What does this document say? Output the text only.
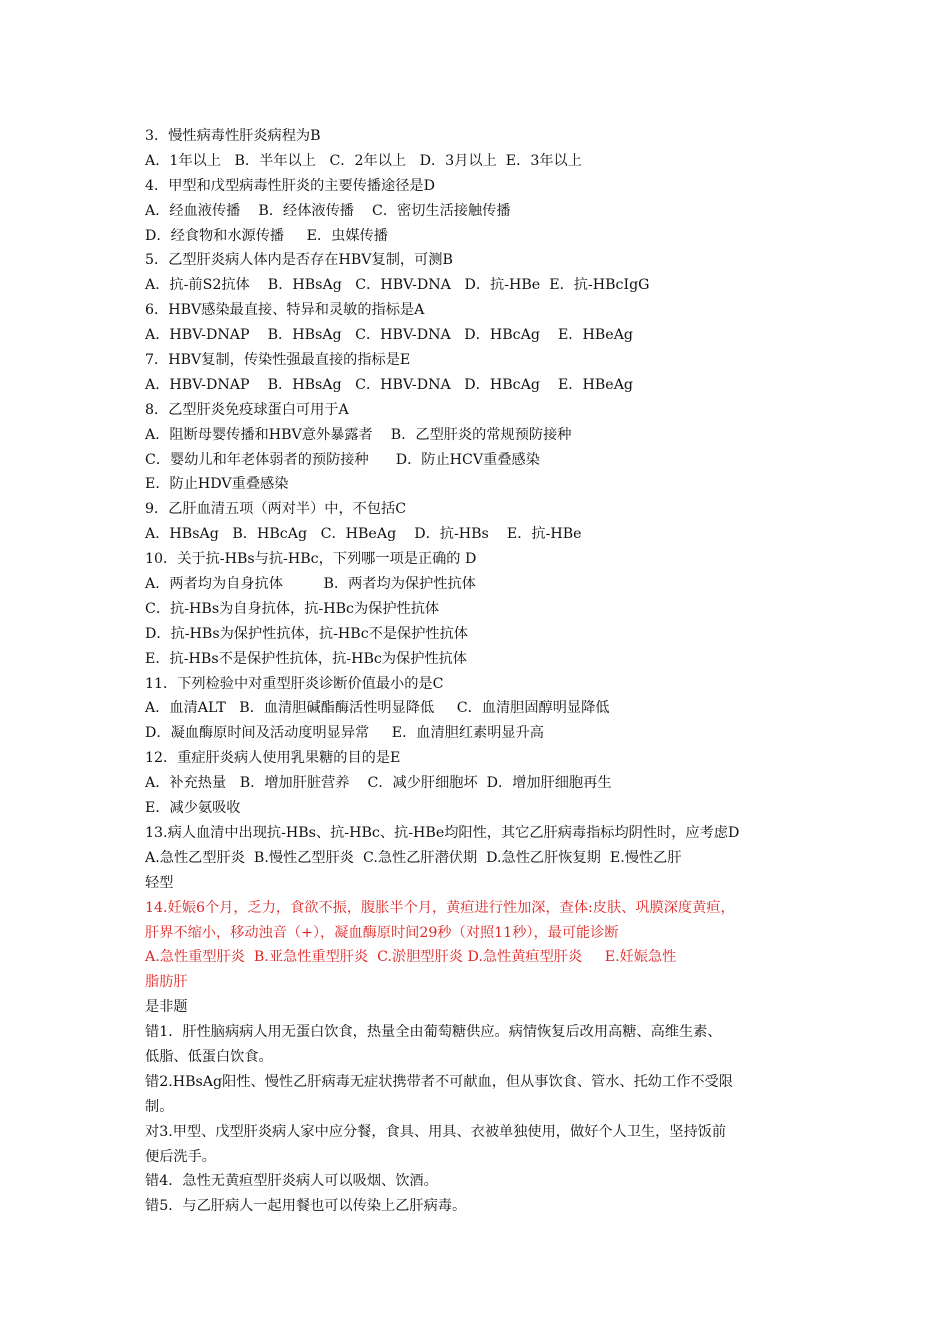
3．慢性病毒性肝炎病程为B
A．1年以上   B．半年以上   C．2年以上   D．3月以上  E．3年以上
4．甲型和戊型病毒性肝炎的主要传播途径是D
A．经血液传播    B．经体液传播    C．密切生活接触传播
D．经食物和水源传播     E．虫媒传播
5．乙型肝炎病人体内是否存在HBV复制，可测B
A．抗-前S2抗体    B．HBsAg   C．HBV-DNA   D．抗-HBe  E．抗-HBcIgG
6．HBV感染最直接、特异和灵敏的指标是A
A．HBV-DNAP    B．HBsAg   C．HBV-DNA   D．HBcAg    E．HBeAg
7．HBV复制，传染性强最直接的指标是E
A．HBV-DNAP    B．HBsAg   C．HBV-DNA   D．HBcAg    E．HBeAg
8．乙型肝炎免疫球蛋白可用于A
A．阻断母婴传播和HBV意外暴露者    B．乙型肝炎的常规预防接种
C．婴幼儿和年老体弱者的预防接种      D．防止HCV重叠感染
E．防止HDV重叠感染
9．乙肝血清五项（两对半）中，不包括C
A．HBsAg   B．HBcAg   C．HBeAg    D．抗-HBs    E．抗-HBe
10．关于抗-HBs与抗-HBc，下列哪一项是正确的 D
A．两者均为自身抗体         B．两者均为保护性抗体
C．抗-HBs为自身抗体，抗-HBc为保护性抗体
D．抗-HBs为保护性抗体，抗-HBc不是保护性抗体
E．抗-HBs不是保护性抗体，抗-HBc为保护性抗体
11．下列检验中对重型肝炎诊断价值最小的是C
A．血清ALT   B．血清胆碱酯酶活性明显降低     C．血清胆固醇明显降低
D．凝血酶原时间及活动度明显异常     E．血清胆红素明显升高
12．重症肝炎病人使用乳果糖的目的是E
A．补充热量   B．增加肝脏营养    C．减少肝细胞坏  D．增加肝细胞再生
E．减少氨吸收
13.病人血清中出现抗-HBs、抗-HBc、抗-HBe均阳性，其它乙肝病毒指标均阴性时，应考虑D
A.急性乙型肝炎  B.慢性乙型肝炎  C.急性乙肝潜伏期  D.急性乙肝恢复期  E.慢性乙肝
轻型
14.妊娠6个月，乏力，食欲不振，腹胀半个月，黄疸进行性加深，查体:皮肤、巩膜深度黄疸，
肝界不缩小，移动浊音（+），凝血酶原时间29秒（对照11秒），最可能诊断
A.急性重型肝炎  B.亚急性重型肝炎  C.淤胆型肝炎 D.急性黄疸型肝炎     E.妊娠急性
脂肪肝
是非题
错1．肝性脑病病人用无蛋白饮食，热量全由葡萄糖供应。病情恢复后改用高糖、高维生素、
低脂、低蛋白饮食。
错2.HBsAg阳性、慢性乙肝病毒无症状携带者不可献血，但从事饮食、管水、托幼工作不受限
制。
对3.甲型、戊型肝炎病人家中应分餐，食具、用具、衣被单独使用，做好个人卫生，坚持饭前
便后洗手。
错4．急性无黄疸型肝炎病人可以吸烟、饮酒。
错5．与乙肝病人一起用餐也可以传染上乙肝病毒。
